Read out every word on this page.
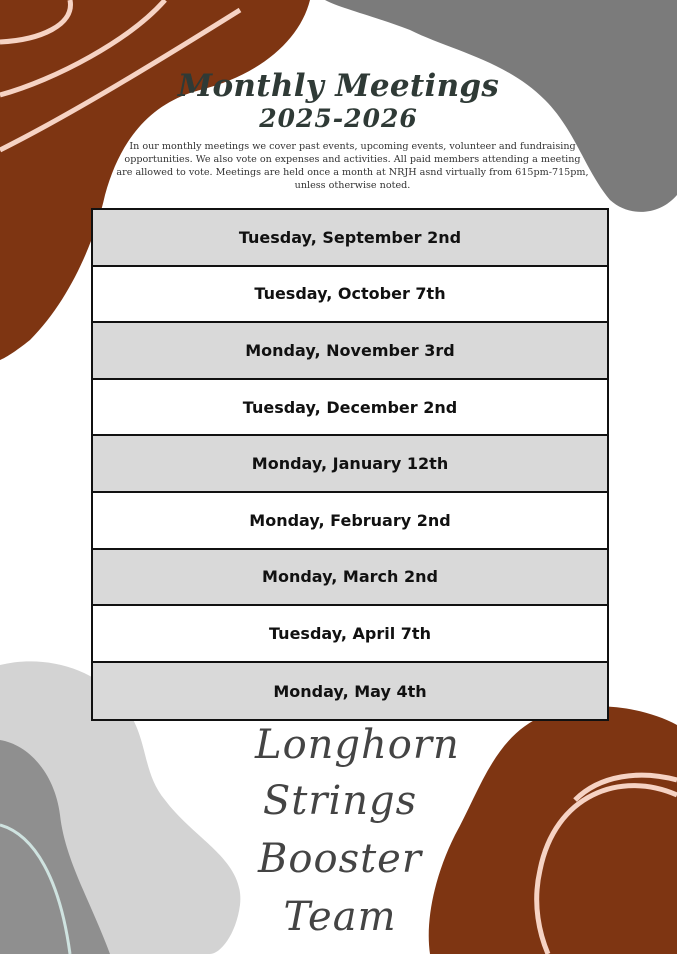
Monthly Meetings
2025-2026
In our monthly meetings we cover past events, upcoming events, volunteer and fundraising opportunities. We also vote on expenses and activities. All paid members attending a meeting are allowed to vote. Meetings are held once a month at NRJH asnd virtually from 615pm-715pm, unless otherwise noted.
Tuesday, September 2nd
Tuesday, October 7th
Monday, November 3rd
Tuesday, December 2nd
Monday, January 12th
Monday, February 2nd
Monday, March 2nd
Tuesday, April 7th
Monday, May 4th
Longhorn
Strings
Booster
Team
